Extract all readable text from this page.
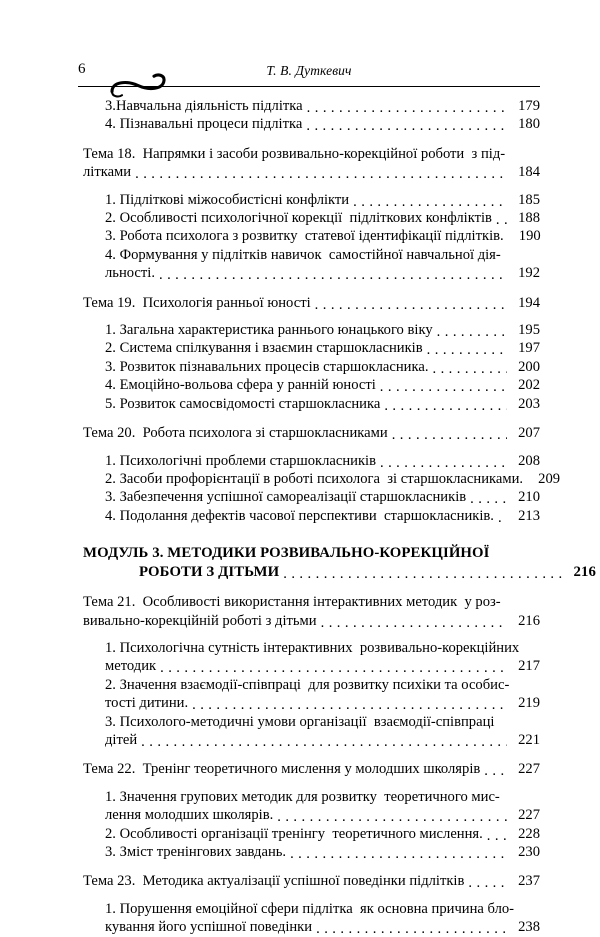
6	Т. В. Дуткевич
3.Навчальна діяльність підлітка . . .	179
4. Пізнавальні процеси підлітка . . .	180
Тема 18.  Напрямки і засоби розвивально-корекційної роботи  з під-
літками . . .	184
1. Підліткові міжособистісні конфлікти . . .	185
2. Особливості психологічної корекції  підліткових конфліктів . . .	188
3. Робота психолога з розвитку  статевої ідентифікації підлітків.	190
4. Формування у підлітків навичок  самостійної навчальної дія-
льності. . . .	192
Тема 19.  Психологія ранньої юності . . .	194
1. Загальна характеристика раннього юнацького віку . . .	195
2. Система спілкування і взаємин старшокласників . . .	197
3. Розвиток пізнавальних процесів старшокласника. . . .	200
4. Емоційно-вольова сфера у ранній юності . . .	202
5. Розвиток самосвідомості старшокласника . . .	203
Тема 20.  Робота психолога зі старшокласниками . . .	207
1. Психологічні проблеми старшокласників . . .	208
2. Засоби профорієнтації в роботі психолога  зі старшокласниками.	209
3. Забезпечення успішної самореалізації старшокласників . . .	210
4. Подолання дефектів часової перспективи  старшокласників. . . .	213
МОДУЛЬ 3. МЕТОДИКИ РОЗВИВАЛЬНО-КОРЕКЦІЙНОЇ
РОБОТИ З ДІТЬМИ . . .	216
Тема 21.  Особливості використання інтерактивних методик  у роз-
вивально-корекційній роботі з дітьми . . .	216
1. Психологічна сутність інтерактивних  розвивально-корекційних
методик . . .	217
2. Значення взаємодії-співпраці  для розвитку психіки та особис-
тості дитини. . . .	219
3. Психолого-методичні умови організації  взаємодії-співпраці
дітей . . .	221
Тема 22.  Тренінг теоретичного мислення у молодших школярів . . .	227
1. Значення групових методик для розвитку  теоретичного мис-
лення молодших школярів. . . .	227
2. Особливості організації тренінгу  теоретичного мислення. . . .	228
3. Зміст тренінгових завдань. . . .	230
Тема 23.  Методика актуалізації успішної поведінки підлітків . . .	237
1. Порушення емоційної сфери підлітка  як основна причина бло-
кування його успішної поведінки . . .	238
